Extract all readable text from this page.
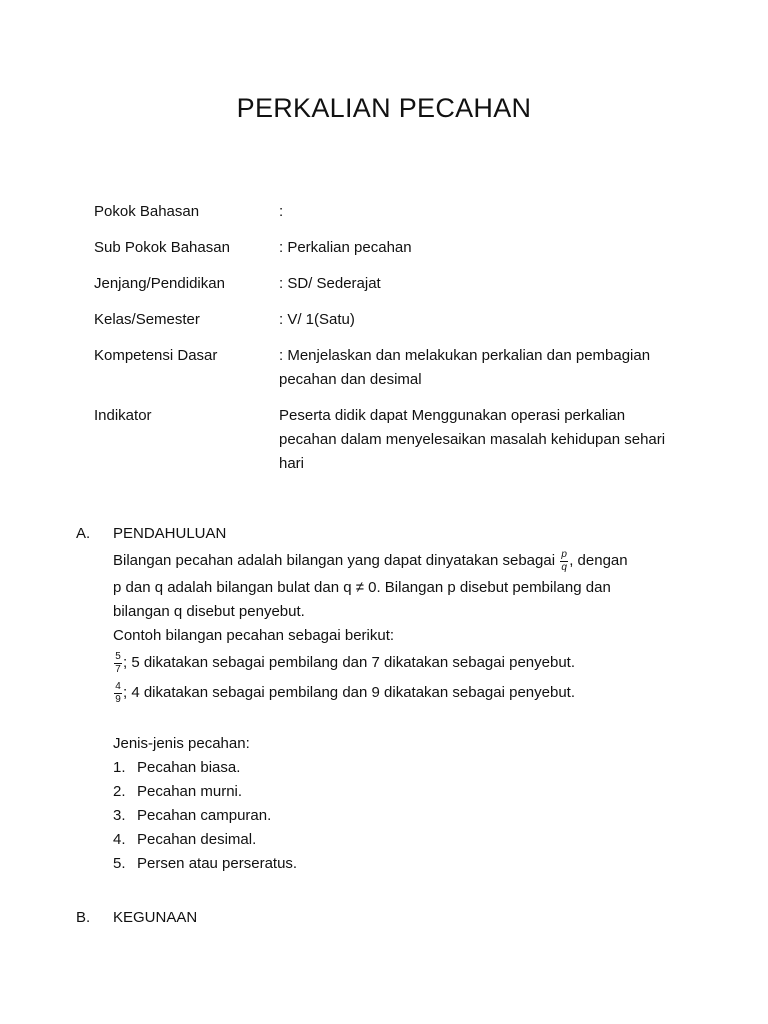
PERKALIAN PECAHAN
Pokok Bahasan	:
Sub Pokok Bahasan	: Perkalian pecahan
Jenjang/Pendidikan	: SD/ Sederajat
Kelas/Semester	: V/ 1(Satu)
Kompetensi Dasar	: Menjelaskan dan melakukan perkalian dan pembagian pecahan dan desimal
Indikator	Peserta didik dapat Menggunakan operasi perkalian pecahan dalam menyelesaikan masalah kehidupan sehari hari
A.	PENDAHULUAN
Bilangan pecahan adalah bilangan yang dapat dinyatakan sebagai $\frac{p}{q}$ , dengan
p dan q adalah bilangan bulat dan q ≠ 0. Bilangan p disebut pembilang dan
bilangan q disebut penyebut.
Contoh bilangan pecahan sebagai berikut:
$\frac{5}{7}$ ; 5 dikatakan sebagai pembilang dan 7 dikatakan sebagai penyebut.
$\frac{4}{9}$ ; 4 dikatakan sebagai pembilang dan 9 dikatakan sebagai penyebut.
Jenis-jenis pecahan:
1. Pecahan biasa.
2. Pecahan murni.
3. Pecahan campuran.
4. Pecahan desimal.
5. Persen atau perseratus.
B.	KEGUNAAN
